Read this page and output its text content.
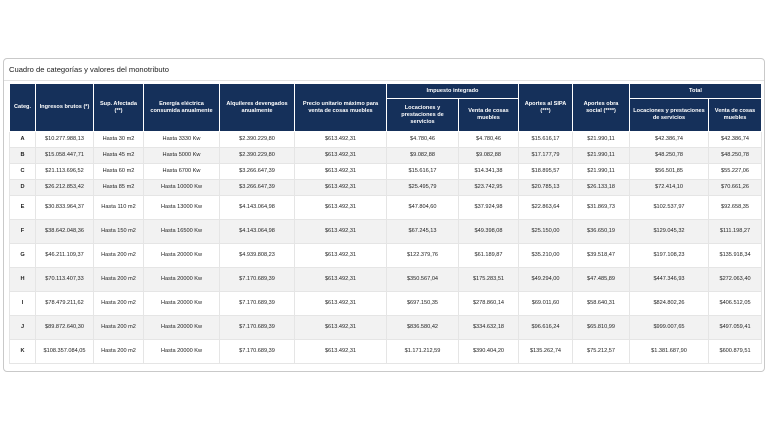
Cuadro de categorías y valores del monotributo
Categ.	Ingresos brutos (*)	Sup. Afectada (**)	Energía eléctrica consumida anualmente	Alquileres devengados anualmente	Precio unitario máximo para venta de cosas muebles	Impuesto integrado		Aportes al SIPA (***)	Aportes obra social (****)	Total	
						Locaciones y prestaciones de servicios	Venta de cosas muebles			Locaciones y prestaciones de servicios	Venta de cosas muebles
A	$10.277.988,13	Hasta 30 m2	Hasta 3330 Kw	$2.390.229,80	$613.492,31	$4.780,46	$4.780,46	$15.616,17	$21.990,11	$42.386,74	$42.386,74
B	$15.058.447,71	Hasta 45 m2	Hasta 5000 Kw	$2.390.229,80	$613.492,31	$9.082,88	$9.082,88	$17.177,79	$21.990,11	$48.250,78	$48.250,78
C	$21.113.696,52	Hasta 60 m2	Hasta 6700 Kw	$3.266.647,39	$613.492,31	$15.616,17	$14.341,38	$18.895,57	$21.990,11	$56.501,85	$55.227,06
D	$26.212.853,42	Hasta 85 m2	Hasta 10000 Kw	$3.266.647,39	$613.492,31	$25.495,79	$23.742,95	$20.785,13	$26.133,18	$72.414,10	$70.661,26
E	$30.833.964,37	Hasta 110 m2	Hasta 13000 Kw	$4.143.064,98	$613.492,31	$47.804,60	$37.924,98	$22.863,64	$31.869,73	$102.537,97	$92.658,35
F	$38.642.048,36	Hasta 150 m2	Hasta 16500 Kw	$4.143.064,98	$613.492,31	$67.245,13	$49.398,08	$25.150,00	$36.650,19	$129.045,32	$111.198,27
G	$46.211.109,37	Hasta 200 m2	Hasta 20000 Kw	$4.939.808,23	$613.492,31	$122.379,76	$61.189,87	$35.210,00	$39.518,47	$197.108,23	$135.918,34
H	$70.113.407,33	Hasta 200 m2	Hasta 20000 Kw	$7.170.689,39	$613.492,31	$350.567,04	$175.283,51	$49.294,00	$47.485,89	$447.346,93	$272.063,40
I	$78.479.211,62	Hasta 200 m2	Hasta 20000 Kw	$7.170.689,39	$613.492,31	$697.150,35	$278.860,14	$69.011,60	$58.640,31	$824.802,26	$406.512,05
J	$89.872.640,30	Hasta 200 m2	Hasta 20000 Kw	$7.170.689,39	$613.492,31	$836.580,42	$334.632,18	$96.616,24	$65.810,99	$999.007,65	$497.059,41
K	$108.357.084,05	Hasta 200 m2	Hasta 20000 Kw	$7.170.689,39	$613.492,31	$1.171.212,59	$390.404,20	$135.262,74	$75.212,57	$1.381.687,90	$600.879,51
